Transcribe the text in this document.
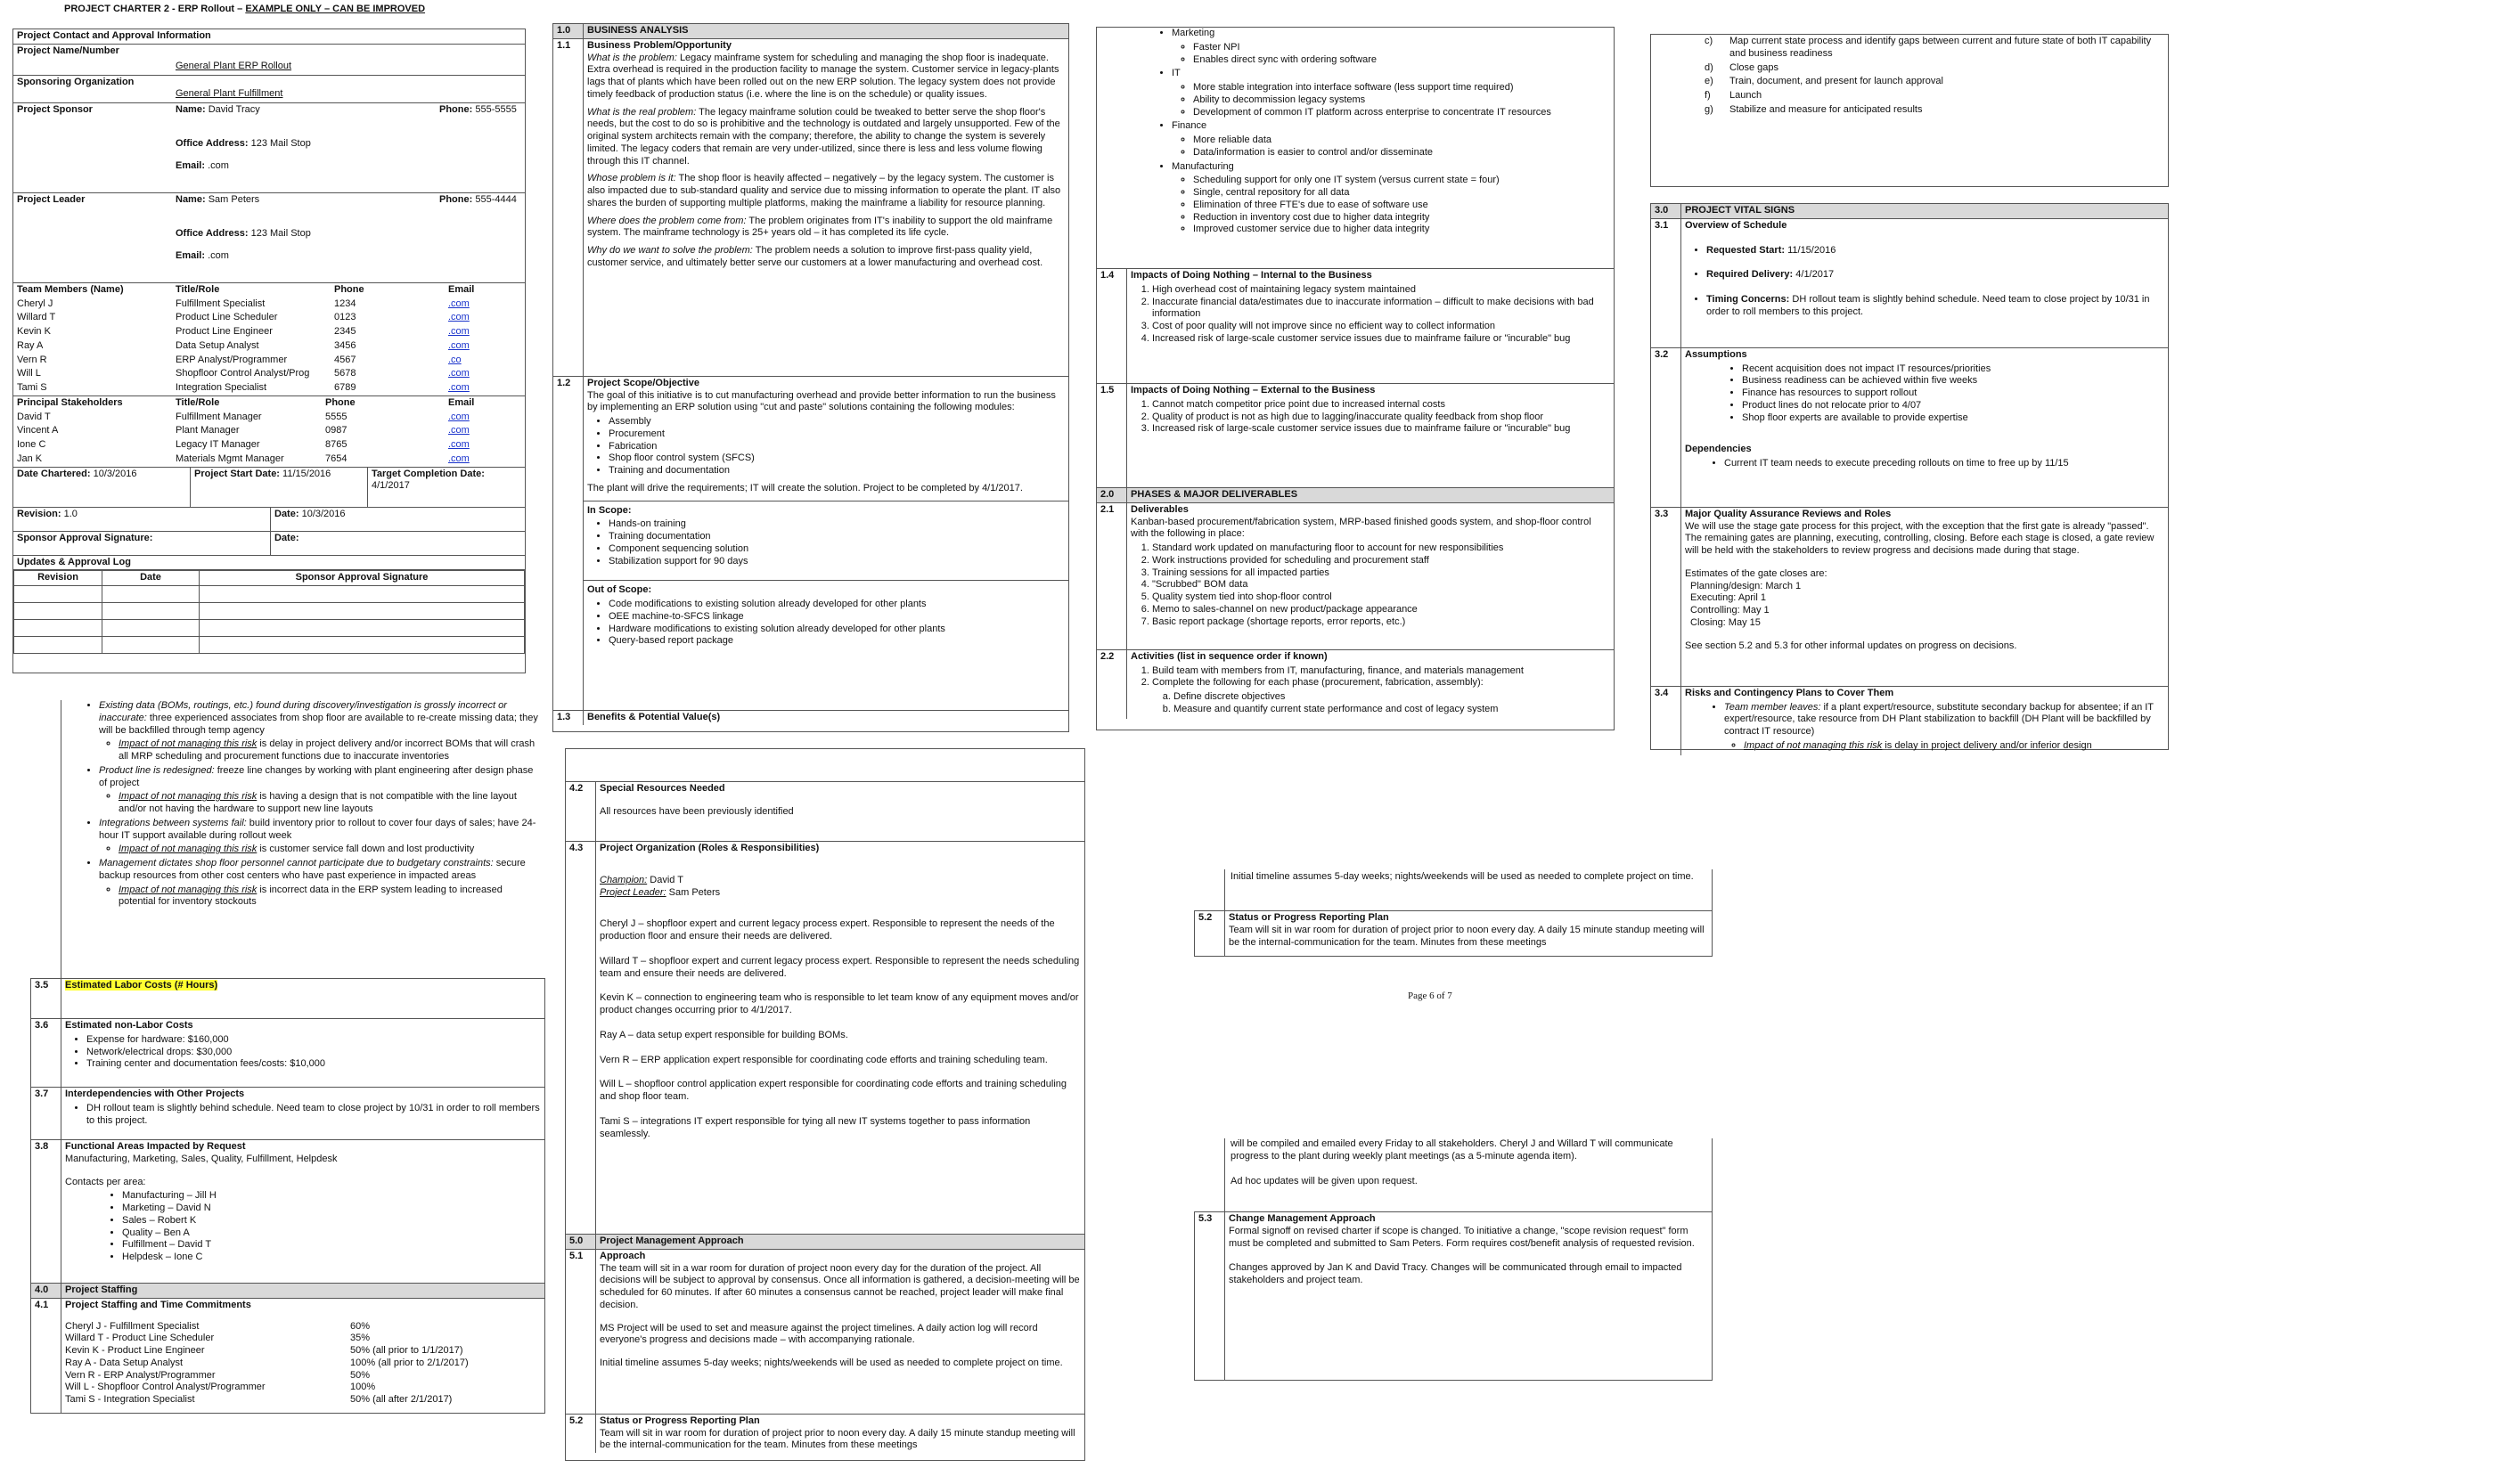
PROJECT CHARTER 2 - ERP Rollout – EXAMPLE ONLY – CAN BE IMPROVED
Project Contact and Approval Information
Project Name/Number
General Plant ERP Rollout
Sponsoring Organization
General Plant Fulfillment
Project Sponsor	Name: David Tracy	Phone: 555-5555
Office Address: 123 Mail Stop
Email: .com
Project Leader	Name: Sam Peters	Phone: 555-4444
Office Address: 123 Mail Stop
Email: .com
Team Members (Name)	Title/Role	Phone	Email
Cheryl J	Fulfillment Specialist	1234	.com
Willard T	Product Line Scheduler	0123	.com
Kevin K	Product Line Engineer	2345	.com
Ray A	Data Setup Analyst	3456	.com
Vern R	ERP Analyst/Programmer	4567	.co
Will L	Shopfloor Control Analyst/Prog	5678	.com
Tami S	Integration Specialist	6789	.com
Principal Stakeholders	Title/Role	Phone	Email
David T	Fulfillment Manager	5555	.com
Vincent A	Plant Manager	0987	.com
Ione C	Legacy IT Manager	8765	.com
Jan K	Materials Mgmt Manager	7654	.com
Date Chartered: 10/3/2016	Project Start Date: 11/15/2016	Target Completion Date:
4/1/2017
Revision: 1.0	Date: 10/3/2016
Sponsor Approval Signature:	Date:
Updates & Approval Log
Revision	Date	Sponsor Approval Signature

1.0	BUSINESS ANALYSIS
1.1	Business Problem/Opportunity
What is the problem: Legacy mainframe system for scheduling and managing the shop floor is inadequate. Extra overhead is required in the production facility to manage the system. Customer service in legacy-plants lags that of plants which have been rolled out on the new ERP solution. The legacy system does not provide timely feedback of production status (i.e. where the line is on the schedule) or quality issues.

What is the real problem: The legacy mainframe solution could be tweaked to better serve the shop floor's needs, but the cost to do so is prohibitive and the technology is outdated and largely unsupported. Few of the original system architects remain with the company; therefore, the ability to change the system is severely limited. The legacy coders that remain are very under-utilized, since there is less and less volume flowing through this IT channel.

Whose problem is it: The shop floor is heavily affected – negatively – by the legacy system. The customer is also impacted due to sub-standard quality and service due to missing information to operate the plant. IT also shares the burden of supporting multiple platforms, making the mainframe a liability for resource planning.

Where does the problem come from: The problem originates from IT's inability to support the old mainframe system. The mainframe technology is 25+ years old – it has completed its life cycle.

Why do we want to solve the problem: The problem needs a solution to improve first-pass quality yield, customer service, and ultimately better serve our customers at a lower manufacturing and overhead cost.

1.2	Project Scope/Objective
The goal of this initiative is to cut manufacturing overhead and provide better information to run the business by implementing an ERP solution using "cut and paste" solutions containing the following modules:
• Assembly
• Procurement
• Fabrication
• Shop floor control system (SFCS)
• Training and documentation

The plant will drive the requirements; IT will create the solution. Project to be completed by 4/1/2017.

In Scope:
• Hands-on training
• Training documentation
• Component sequencing solution
• Stabilization support for 90 days
Out of Scope:
• Code modifications to existing solution already developed for other plants
• OEE machine-to-SFCS linkage
• Hardware modifications to existing solution already developed for other plants
• Query-based report package
1.3	Benefits & Potential Value(s)
• Marketing
◦ Faster NPI
◦ Enables direct sync with ordering software
• IT
◦ More stable integration into interface software (less support time required)
◦ Ability to decommission legacy systems
◦ Development of common IT platform across enterprise to concentrate IT resources
• Finance
◦ More reliable data
◦ Data/information is easier to control and/or disseminate
• Manufacturing
◦ Scheduling support for only one IT system (versus current state = four)
◦ Single, central repository for all data
◦ Elimination of three FTE's due to ease of software use
◦ Reduction in inventory cost due to higher data integrity
◦ Improved customer service due to higher data integrity
1.4	Impacts of Doing Nothing – Internal to the Business
1. High overhead cost of maintaining legacy system maintained
2. Inaccurate financial data/estimates due to inaccurate information – difficult to make decisions with bad information
3. Cost of poor quality will not improve since no efficient way to collect information
4. Increased risk of large-scale customer service issues due to mainframe failure or "incurable" bug
1.5	Impacts of Doing Nothing – External to the Business
1. Cannot match competitor price point due to increased internal costs
2. Quality of product is not as high due to lagging/inaccurate quality feedback from shop floor
3. Increased risk of large-scale customer service issues due to mainframe failure or "incurable" bug
2.0	PHASES & MAJOR DELIVERABLES
2.1	Deliverables
Kanban-based procurement/fabrication system, MRP-based finished goods system, and shop-floor control with the following in place:
1. Standard work updated on manufacturing floor to account for new responsibilities
2. Work instructions provided for scheduling and procurement staff
3. Training sessions for all impacted parties
4. "Scrubbed" BOM data
5. Quality system tied into shop-floor control
6. Memo to sales-channel on new product/package appearance
7. Basic report package (shortage reports, error reports, etc.)
2.2	Activities (list in sequence order if known)
1. Build team with members from IT, manufacturing, finance, and materials management
2. Complete the following for each phase (procurement, fabrication, assembly):
a. Define discrete objectives
b. Measure and quantify current state performance and cost of legacy system
c)	Map current state process and identify gaps between current and future state of both IT capability and business readiness
d)	Close gaps
e)	Train, document, and present for launch approval
f)	Launch
g)	Stabilize and measure for anticipated results
3.0	PROJECT VITAL SIGNS
3.1	Overview of Schedule
• Requested Start: 11/15/2016
• Required Delivery: 4/1/2017
• Timing Concerns: DH rollout team is slightly behind schedule. Need team to close project by 10/31 in order to roll members to this project.
3.2	Assumptions
• Recent acquisition does not impact IT resources/priorities
• Business readiness can be achieved within five weeks
• Finance has resources to support rollout
• Product lines do not relocate prior to 4/07
• Shop floor experts are available to provide expertise
Dependencies
• Current IT team needs to execute preceding rollouts on time to free up by 11/15
3.3	Major Quality Assurance Reviews and Roles
We will use the stage gate process for this project, with the exception that the first gate is already "passed". The remaining gates are planning, executing, controlling, closing. Before each stage is closed, a gate review will be held with the stakeholders to review progress and decisions made during that stage.
Estimates of the gate closes are:
Planning/design: March 1
Executing: April 1
Controlling: May 1
Closing: May 15
See section 5.2 and 5.3 for other informal updates on progress on decisions.
3.4	Risks and Contingency Plans to Cover Them
• Team member leaves: if a plant expert/resource, substitute secondary backup for absentee; if an IT expert/resource, take resource from DH Plant stabilization to backfill (DH Plant will be backfilled by contract IT resource)
◦ Impact of not managing this risk is delay in project delivery and/or inferior design
• Existing data (BOMs, routings, etc.) found during discovery/investigation is grossly incorrect or inaccurate: three experienced associates from shop floor are available to re-create missing data; they will be backfilled through temp agency
◦ Impact of not managing this risk is delay in project delivery and/or incorrect BOMs that will crash all MRP scheduling and procurement functions due to inaccurate inventories
• Product line is redesigned: freeze line changes by working with plant engineering after design phase of project
◦ Impact of not managing this risk is having a design that is not compatible with the line layout and/or not having the hardware to support new line layouts
• Integrations between systems fail: build inventory prior to rollout to cover four days of sales; have 24-hour IT support available during rollout week
◦ Impact of not managing this risk is customer service fall down and lost productivity
• Management dictates shop floor personnel cannot participate due to budgetary constraints: secure backup resources from other cost centers who have past experience in impacted areas
◦ Impact of not managing this risk is incorrect data in the ERP system leading to increased potential for inventory stockouts
3.5	Estimated Labor Costs (# Hours)
3.6	Estimated non-Labor Costs
• Expense for hardware: $160,000
• Network/electrical drops: $30,000
• Training center and documentation fees/costs: $10,000
3.7	Interdependencies with Other Projects
• DH rollout team is slightly behind schedule. Need team to close project by 10/31 in order to roll members to this project.
3.8	Functional Areas Impacted by Request
Manufacturing, Marketing, Sales, Quality, Fulfillment, Helpdesk
Contacts per area:
• Manufacturing – Jill H
• Marketing – David N
• Sales – Robert K
• Quality – Ben A
• Fulfillment – David T
• Helpdesk – Ione C
4.0	Project Staffing
4.1	Project Staffing and Time Commitments
Cheryl J - Fulfillment Specialist	60%
Willard T - Product Line Scheduler	35%
Kevin K - Product Line Engineer	50% (all prior to 1/1/2017)
Ray A - Data Setup Analyst	100% (all prior to 2/1/2017)
Vern R - ERP Analyst/Programmer	50%
Will L - Shopfloor Control Analyst/Programmer	100%
Tami S - Integration Specialist	50% (all after 2/1/2017)
4.2	Special Resources Needed
All resources have been previously identified
4.3	Project Organization (Roles & Responsibilities)
Champion: David T
Project Leader: Sam Peters

Cheryl J – shopfloor expert and current legacy process expert. Responsible to represent the needs of the production floor and ensure their needs are delivered.

Willard T – shopfloor expert and current legacy process expert. Responsible to represent the needs scheduling team and ensure their needs are delivered.

Kevin K – connection to engineering team who is responsible to let team know of any equipment moves and/or product changes occurring prior to 4/1/2017.

Ray A – data setup expert responsible for building BOMs.

Vern R – ERP application expert responsible for coordinating code efforts and training scheduling team.

Will L – shopfloor control application expert responsible for coordinating code efforts and training scheduling and shop floor team.

Tami S – integrations IT expert responsible for tying all new IT systems together to pass information seamlessly.

5.0	Project Management Approach
5.1	Approach
The team will sit in a war room for duration of project noon every day for the duration of the project. All decisions will be subject to approval by consensus. Once all information is gathered, a decision-meeting will be scheduled for 60 minutes. If after 60 minutes a consensus cannot be reached, project leader will make final decision.

MS Project will be used to set and measure against the project timelines. A daily action log will record everyone's progress and decisions made – with accompanying rationale.

Initial timeline assumes 5-day weeks; nights/weekends will be used as needed to complete project on time.

5.2	Status or Progress Reporting Plan
Team will sit in war room for duration of project prior to noon every day. A daily 15 minute standup meeting will be the internal-communication for the team. Minutes from these meetings
Initial timeline assumes 5-day weeks; nights/weekends will be used as needed to complete project on time.
5.2	Status or Progress Reporting Plan
Team will sit in war room for duration of project prior to noon every day. A daily 15 minute standup meeting will be the internal-communication for the team. Minutes from these meetings
Page 6 of 7
will be compiled and emailed every Friday to all stakeholders. Cheryl J and Willard T will communicate progress to the plant during weekly plant meetings (as a 5-minute agenda item).

Ad hoc updates will be given upon request.

5.3	Change Management Approach
Formal signoff on revised charter if scope is changed. To initiative a change, "scope revision request" form must be completed and submitted to Sam Peters. Form requires cost/benefit analysis of requested revision.

Changes approved by Jan K and David Tracy. Changes will be communicated through email to impacted stakeholders and project team.
